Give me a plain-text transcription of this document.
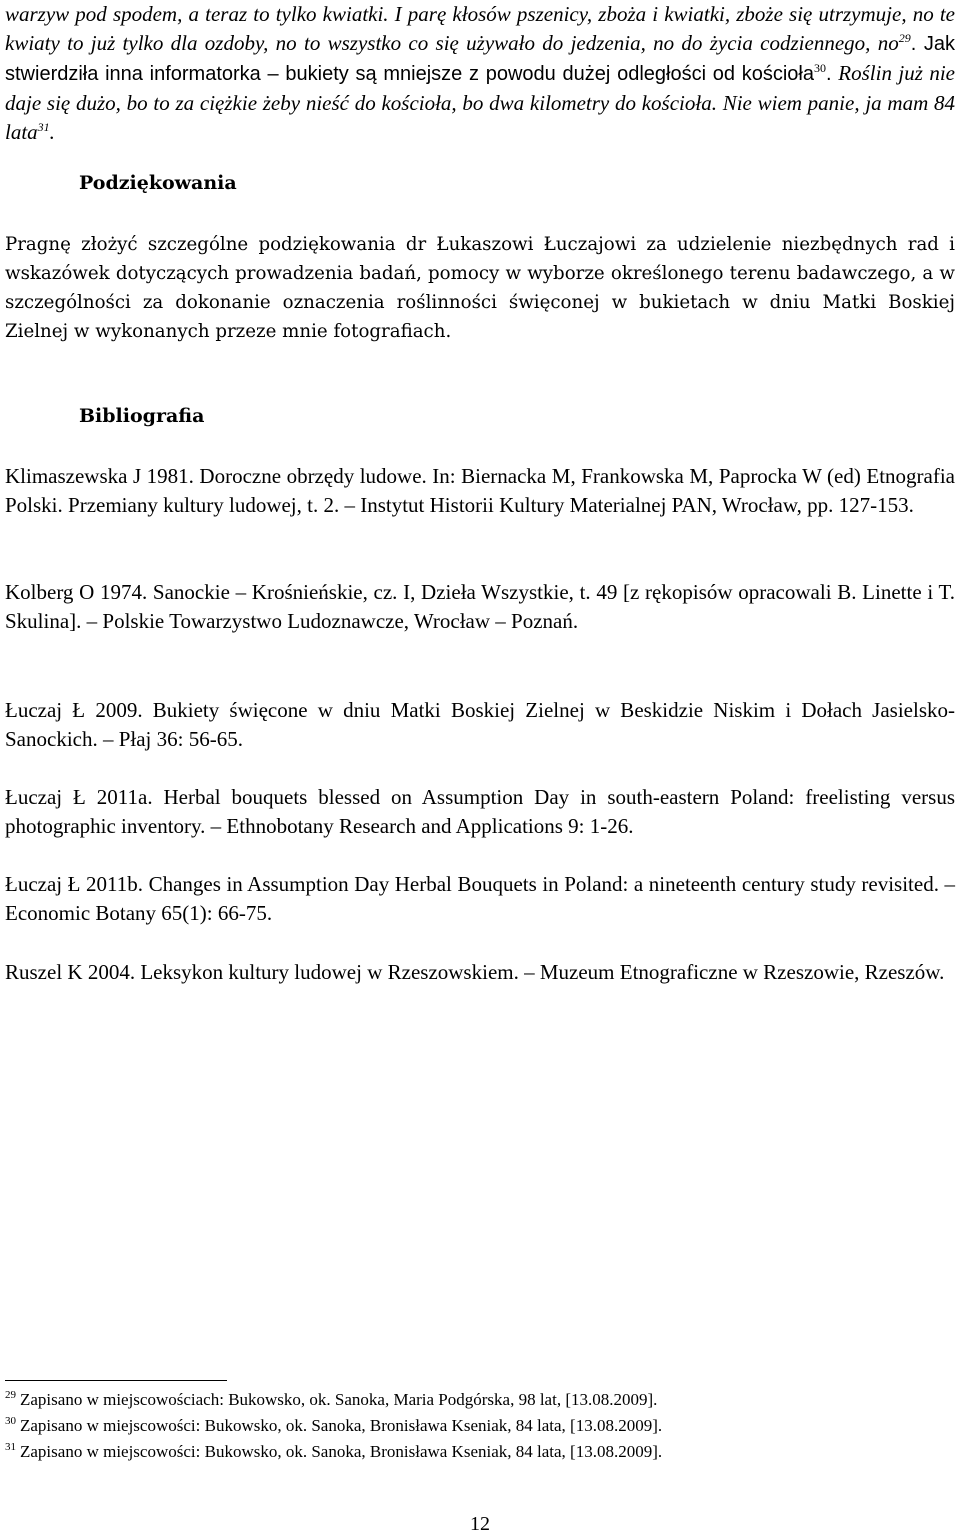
warzyw pod spodem, a teraz to tylko kwiatki. I parę kłosów pszenicy, zboża i kwiatki, zboże się utrzymuje, no te kwiaty to już tylko dla ozdoby, no to wszystko co się używało do jedzenia, no do życia codziennego, $no^{29}$. Jak stwierdziła inna informatorka – bukiety są mniejsze z powodu dużej odległości od kościoła$^{30}$. Roślin już nie daje się dużo, bo to za ciężkie żeby nieść do kościoła, bo dwa kilometry do kościoła. Nie wiem panie, ja mam 84 lata$^{31}$.

Podziękowania

Pragnę złożyć szczególne podziękowania dr Łukaszowi Łuczajowi za udzielenie niezbędnych rad i wskazówek dotyczących prowadzenia badań, pomocy w wyborze określonego terenu badawczego, a w szczególności za dokonanie oznaczenia roślinności święconej w bukietach w dniu Matki Boskiej Zielnej w wykonanych przeze mnie fotografiach.

Bibliografia

Klimaszewska J 1981. Doroczne obrzędy ludowe. In: Biernacka M, Frankowska M, Paprocka W (ed) Etnografia Polski. Przemiany kultury ludowej, t. 2. – Instytut Historii Kultury Materialnej PAN, Wrocław, pp. 127-153.

Kolberg O 1974. Sanockie – Krośnieńskie, cz. I, Dzieła Wszystkie, t. 49 [z rękopisów opracowali B. Linette i T. Skulina]. – Polskie Towarzystwo Ludoznawcze, Wrocław – Poznań.

Łuczaj Ł 2009. Bukiety święcone w dniu Matki Boskiej Zielnej w Beskidzie Niskim i Dołach Jasielsko-Sanockich. – Płaj 36: 56-65.

Łuczaj Ł 2011a. Herbal bouquets blessed on Assumption Day in south-eastern Poland: freelisting versus photographic inventory. – Ethnobotany Research and Applications 9: 1-26.

Łuczaj Ł 2011b. Changes in Assumption Day Herbal Bouquets in Poland: a nineteenth century study revisited. – Economic Botany 65(1): 66-75.

Ruszel K 2004. Leksykon kultury ludowej w Rzeszowskiem. – Muzeum Etnograficzne w Rzeszowie, Rzeszów.

$^{29}$ Zapisano w miejscowościach: Bukowsko, ok. Sanoka, Maria Podgórska, 98 lat, [13.08.2009].

$^{30}$ Zapisano w miejscowości: Bukowsko, ok. Sanoka, Bronisława Kseniak, 84 lata, [13.08.2009].

$^{31}$ Zapisano w miejscowości: Bukowsko, ok. Sanoka, Bronisława Kseniak, 84 lata, [13.08.2009].

12
